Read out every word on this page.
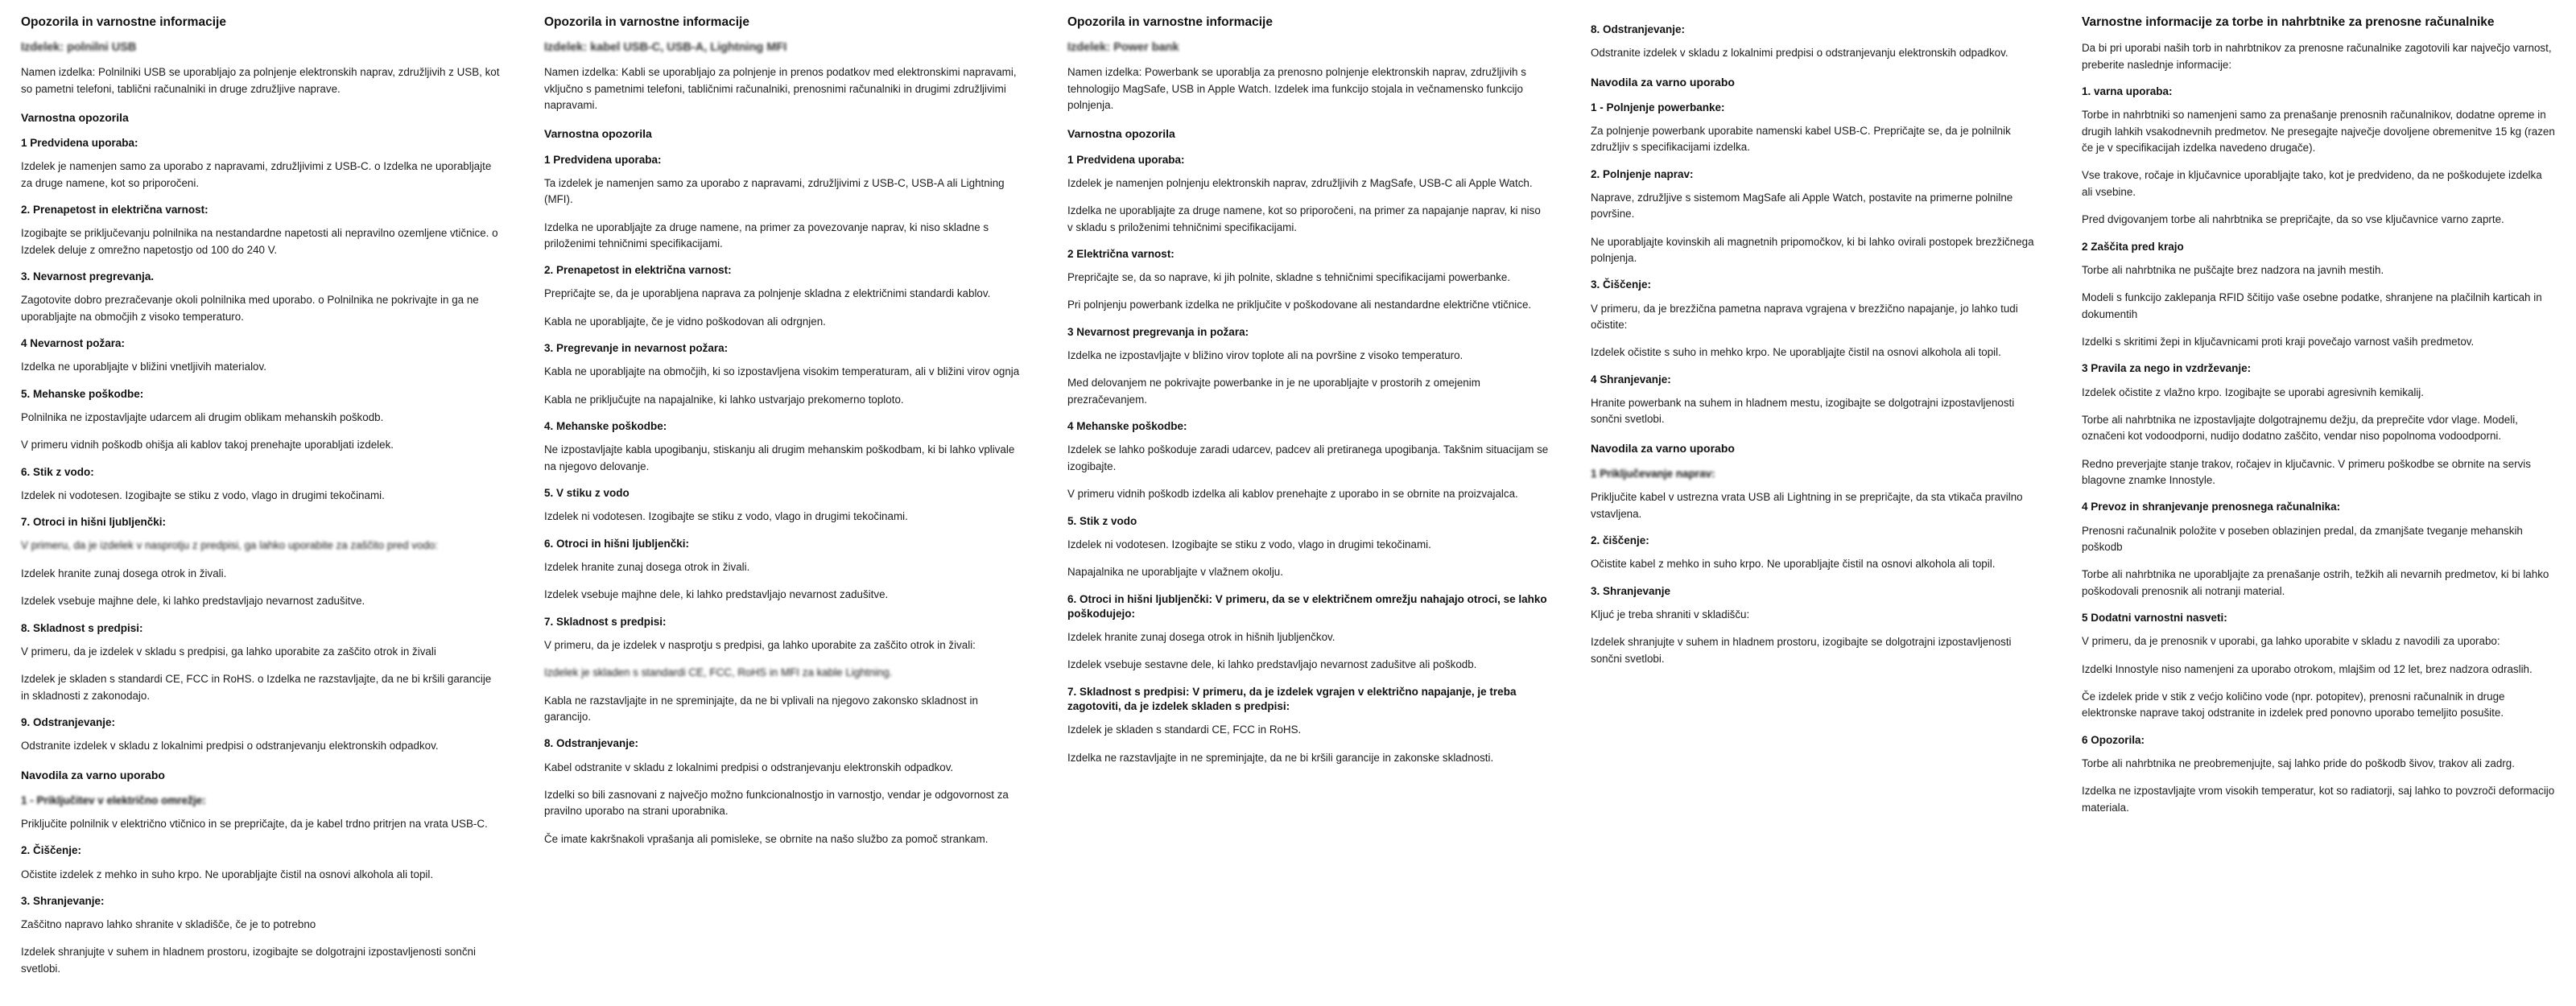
Opozorila in varnostne informacije
Izdelek: polnilni USB

Namen izdelka: Polnilniki USB se uporabljajo za polnjenje elektronskih naprav, združljivih z USB, kot so pametni telefoni, tablični računalniki in druge združljive naprave.

Varnostna opozorila
1 Predvidena uporaba:

Izdelek je namenjen samo za uporabo z napravami, združljivimi z USB-C. o Izdelka ne uporabljajte za druge namene, kot so priporočeni.

2. Prenapetost in električna varnost:

Izogibajte se priključevanju polnilnika na nestandardne napetosti ali nepravilno ozemljene vtičnice. o Izdelek deluje z omrežno napetostjo od 100 do 240 V.

3. Nevarnost pregrevanja.

Zagotovite dobro prezračevanje okoli polnilnika med uporabo. o Polnilnika ne pokrivajte in ga ne uporabljajte na območjih z visoko temperaturo.

4 Nevarnost požara:

Izdelka ne uporabljajte v bližini vnetljivih materialov.

5. Mehanske poškodbe:

Polnilnika ne izpostavljajte udarcem ali drugim oblikam mehanskih poškodb.

V primeru vidnih poškodb ohišja ali kablov takoj prenehajte uporabljati izdelek.

6. Stik z vodo:

Izdelek ni vodotesen. Izogibajte se stiku z vodo, vlago in drugimi tekočinami.

7. Otroci in hišni ljubljenčki:

V primeru, da je izdelek v nasprotju z predpisi, ga lahko uporabite za zaščito pred vodo:

Izdelek hranite zunaj dosega otrok in živali.

Izdelek vsebuje majhne dele, ki lahko predstavljajo nevarnost zadušitve.

8. Skladnost s predpisi:

V primeru, da je izdelek v skladu s predpisi, ga lahko uporabite za zaščito otrok in živali

Izdelek je skladen s standardi CE, FCC in RoHS. o Izdelka ne razstavljajte, da ne bi kršili garancije in skladnosti z zakonodajo.

9. Odstranjevanje:

Odstranite izdelek v skladu z lokalnimi predpisi o odstranjevanju elektronskih odpadkov.

Navodila za varno uporabo
1 - Priključitev v električno omrežje:

Priključite polnilnik v električno vtičnico in se prepričajte, da je kabel trdno pritrjen na vrata USB-C.

2. Čiščenje:

Očistite izdelek z mehko in suho krpo. Ne uporabljajte čistil na osnovi alkohola ali topil.

3. Shranjevanje:

Zaščitno napravo lahko shranite v skladišče, če je to potrebno

Izdelek shranjujte v suhem in hladnem prostoru, izogibajte se dolgotrajni izpostavljenosti sončni svetlobi.

Opozorila in varnostne informacije
Izdelek: kabel USB-C, USB-A, Lightning MFI

Namen izdelka: Kabli se uporabljajo za polnjenje in prenos podatkov med elektronskimi napravami, vključno s pametnimi telefoni, tabličnimi računalniki, prenosnimi računalniki in drugimi združljivimi napravami.

Varnostna opozorila
1 Predvidena uporaba:

Ta izdelek je namenjen samo za uporabo z napravami, združljivimi z USB-C, USB-A ali Lightning (MFI).

Izdelka ne uporabljajte za druge namene, na primer za povezovanje naprav, ki niso skladne s priloženimi tehničnimi specifikacijami.

2. Prenapetost in električna varnost:

Prepričajte se, da je uporabljena naprava za polnjenje skladna z električnimi standardi kablov.

Kabla ne uporabljajte, če je vidno poškodovan ali odrgnjen.

3. Pregrevanje in nevarnost požara:

Kabla ne uporabljajte na območjih, ki so izpostavljena visokim temperaturam, ali v bližini virov ognja

Kabla ne priključujte na napajalnike, ki lahko ustvarjajo prekomerno toploto.

4. Mehanske poškodbe:

Ne izpostavljajte kabla upogibanju, stiskanju ali drugim mehanskim poškodbam, ki bi lahko vplivale na njegovo delovanje.

5. V stiku z vodo

Izdelek ni vodotesen. Izogibajte se stiku z vodo, vlago in drugimi tekočinami.

6. Otroci in hišni ljubljenčki:

Izdelek hranite zunaj dosega otrok in živali.

Izdelek vsebuje majhne dele, ki lahko predstavljajo nevarnost zadušitve.

7. Skladnost s predpisi:

V primeru, da je izdelek v nasprotju s predpisi, ga lahko uporabite za zaščito otrok in živali:

Izdelek je skladen s standardi CE, FCC, RoHS in MFI za kable Lightning.

Kabla ne razstavljajte in ne spreminjajte, da ne bi vplivali na njegovo zakonsko skladnost in garancijo.

8. Odstranjevanje:

Kabel odstranite v skladu z lokalnimi predpisi o odstranjevanju elektronskih odpadkov.

Izdelki so bili zasnovani z največjo možno funkcionalnostjo in varnostjo, vendar je odgovornost za pravilno uporabo na strani uporabnika.

Če imate kakršnakoli vprašanja ali pomisleke, se obrnite na našo službo za pomoč strankam.

Opozorila in varnostne informacije
Izdelek: Power bank

Namen izdelka: Powerbank se uporablja za prenosno polnjenje elektronskih naprav, združljivih s tehnologijo MagSafe, USB in Apple Watch. Izdelek ima funkcijo stojala in večnamensko funkcijo polnjenja.

Varnostna opozorila
1 Predvidena uporaba:

Izdelek je namenjen polnjenju elektronskih naprav, združljivih z MagSafe, USB-C ali Apple Watch.

Izdelka ne uporabljajte za druge namene, kot so priporočeni, na primer za napajanje naprav, ki niso v skladu s priloženimi tehničnimi specifikacijami.

2 Električna varnost:

Prepričajte se, da so naprave, ki jih polnite, skladne s tehničnimi specifikacijami powerbanke.

Pri polnjenju powerbank izdelka ne priključite v poškodovane ali nestandardne električne vtičnice.

3 Nevarnost pregrevanja in požara:

Izdelka ne izpostavljajte v bližino virov toplote ali na površine z visoko temperaturo.

Med delovanjem ne pokrivajte powerbanke in je ne uporabljajte v prostorih z omejenim prezračevanjem.

4 Mehanske poškodbe:

Izdelek se lahko poškoduje zaradi udarcev, padcev ali pretiranega upogibanja. Takšnim situacijam se izogibajte.

V primeru vidnih poškodb izdelka ali kablov prenehajte z uporabo in se obrnite na proizvajalca.

5. Stik z vodo

Izdelek ni vodotesen. Izogibajte se stiku z vodo, vlago in drugimi tekočinami.

Napajalnika ne uporabljajte v vlažnem okolju.

6. Otroci in hišni ljubljenčki: V primeru, da se v električnem omrežju nahajajo otroci, se lahko poškodujejo:

Izdelek hranite zunaj dosega otrok in hišnih ljubljenčkov.

Izdelek vsebuje sestavne dele, ki lahko predstavljajo nevarnost zadušitve ali poškodb.

7. Skladnost s predpisi: V primeru, da je izdelek vgrajen v električno napajanje, je treba zagotoviti, da je izdelek skladen s predpisi:

Izdelek je skladen s standardi CE, FCC in RoHS.

Izdelka ne razstavljajte in ne spreminjajte, da ne bi kršili garancije in zakonske skladnosti.

8. Odstranjevanje:

Odstranite izdelek v skladu z lokalnimi predpisi o odstranjevanju elektronskih odpadkov.

Navodila za varno uporabo
1 - Polnjenje powerbanke:

Za polnjenje powerbank uporabite namenski kabel USB-C. Prepričajte se, da je polnilnik združljiv s specifikacijami izdelka.

2. Polnjenje naprav:

Naprave, združljive s sistemom MagSafe ali Apple Watch, postavite na primerne polnilne površine.

Ne uporabljajte kovinskih ali magnetnih pripomočkov, ki bi lahko ovirali postopek brezžičnega polnjenja.

3. Čiščenje:

V primeru, da je brezžična pametna naprava vgrajena v brezžično napajanje, jo lahko tudi očistite:

Izdelek očistite s suho in mehko krpo. Ne uporabljajte čistil na osnovi alkohola ali topil.

4 Shranjevanje:

Hranite powerbank na suhem in hladnem mestu, izogibajte se dolgotrajni izpostavljenosti sončni svetlobi.

Navodila za varno uporabo
1 Priključevanje naprav:

Priključite kabel v ustrezna vrata USB ali Lightning in se prepričajte, da sta vtikača pravilno vstavljena.

2. čiščenje:

Očistite kabel z mehko in suho krpo. Ne uporabljajte čistil na osnovi alkohola ali topil.

3. Shranjevanje

Kljuć je treba shraniti v skladišču:

Izdelek shranjujte v suhem in hladnem prostoru, izogibajte se dolgotrajni izpostavljenosti sončni svetlobi.

Varnostne informacije za torbe in nahrbtnike za prenosne računalnike

Da bi pri uporabi naših torb in nahrbtnikov za prenosne računalnike zagotovili kar največjo varnost, preberite naslednje informacije:

1. varna uporaba:

Torbe in nahrbtniki so namenjeni samo za prenašanje prenosnih računalnikov, dodatne opreme in drugih lahkih vsakodnevnih predmetov. Ne presegajte največje dovoljene obremenitve 15 kg (razen če je v specifikacijah izdelka navedeno drugače).

Vse trakove, ročaje in ključavnice uporabljajte tako, kot je predvideno, da ne poškodujete izdelka ali vsebine.

Pred dvigovanjem torbe ali nahrbtnika se prepričajte, da so vse ključavnice varno zaprte.

2 Zaščita pred krajo

Torbe ali nahrbtnika ne puščajte brez nadzora na javnih mestih.

Modeli s funkcijo zaklepanja RFID ščitijo vaše osebne podatke, shranjene na plačilnih karticah in dokumentih

Izdelki s skritimi žepi in ključavnicami proti kraji povečajo varnost vaših predmetov.

3 Pravila za nego in vzdrževanje:

Izdelek očistite z vlažno krpo. Izogibajte se uporabi agresivnih kemikalij.

Torbe ali nahrbtnika ne izpostavljajte dolgotrajnemu dežju, da preprečite vdor vlage. Modeli, označeni kot vodoodporni, nudijo dodatno zaščito, vendar niso popolnoma vodoodporni.

Redno preverjajte stanje trakov, ročajev in ključavnic. V primeru poškodbe se obrnite na servis blagovne znamke Innostyle.

4 Prevoz in shranjevanje prenosnega računalnika:

Prenosni računalnik položite v poseben oblazinjen predal, da zmanjšate tveganje mehanskih poškodb

Torbe ali nahrbtnika ne uporabljajte za prenašanje ostrih, težkih ali nevarnih predmetov, ki bi lahko poškodovali prenosnik ali notranji material.

5 Dodatni varnostni nasveti:

V primeru, da je prenosnik v uporabi, ga lahko uporabite v skladu z navodili za uporabo:

Izdelki Innostyle niso namenjeni za uporabo otrokom, mlajšim od 12 let, brez nadzora odraslih.

Če izdelek pride v stik z većjo količino vode (npr. potopitev), prenosni računalnik in druge elektronske naprave takoj odstranite in izdelek pred ponovno uporabo temeljito posušite.

6 Opozorila:

Torbe ali nahrbtnika ne preobremenjujte, saj lahko pride do poškodb šivov, trakov ali zadrg.

Izdelka ne izpostavljajte vrom visokih temperatur, kot so radiatorji, saj lahko to povzroči deformacijo materiala.
